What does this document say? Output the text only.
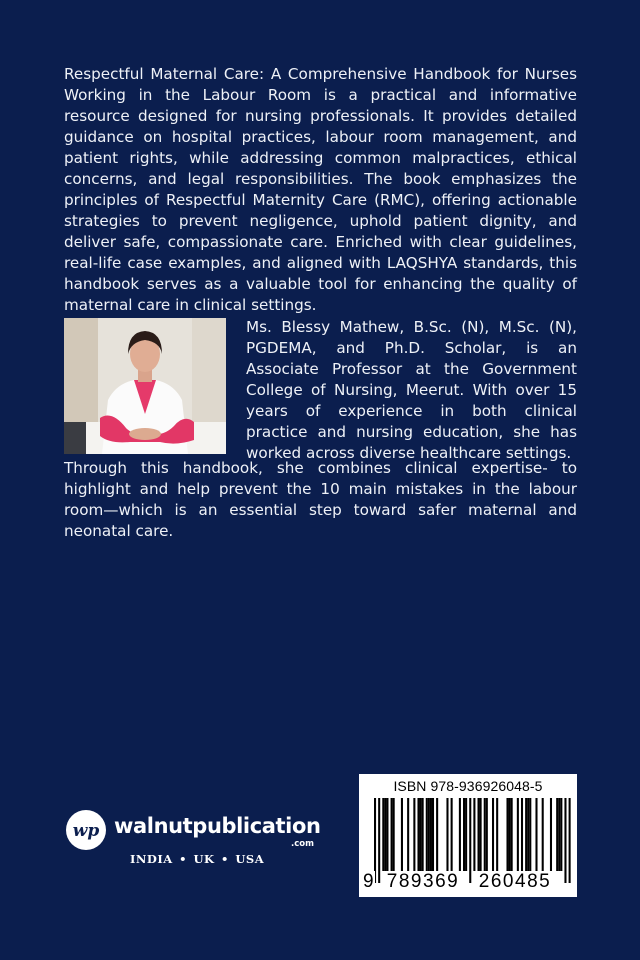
Respectful Maternal Care: A Comprehensive Handbook for Nurses Working in the Labour Room is a practical and informative resource designed for nursing professionals. It provides detailed guidance on hospital practices, labour room management, and patient rights, while addressing common malpractices, ethical concerns, and legal responsibilities. The book emphasizes the principles of Respectful Maternity Care (RMC), offering actionable strategies to prevent negligence, uphold patient dignity, and deliver safe, compassionate care. Enriched with clear guidelines, real-life case examples, and aligned with LAQSHYA standards, this handbook serves as a valuable tool for enhancing the quality of maternal care in clinical settings.
Ms. Blessy Mathew, B.Sc. (N), M.Sc. (N), PGDEMA, and Ph.D. Scholar, is an Associate Professor at the Government College of Nursing, Meerut. With over 15 years of experience in both clinical practice and nursing education, she has worked across diverse healthcare settings.
Through this handbook, she combines clinical expertise- to highlight and help prevent the 10 main mistakes in the labour room—which is an essential step toward safer maternal and neonatal care.
wp walnutpublication
.com
INDIA • UK • USA
ISBN 978-936926048-5
9 789369	260485
